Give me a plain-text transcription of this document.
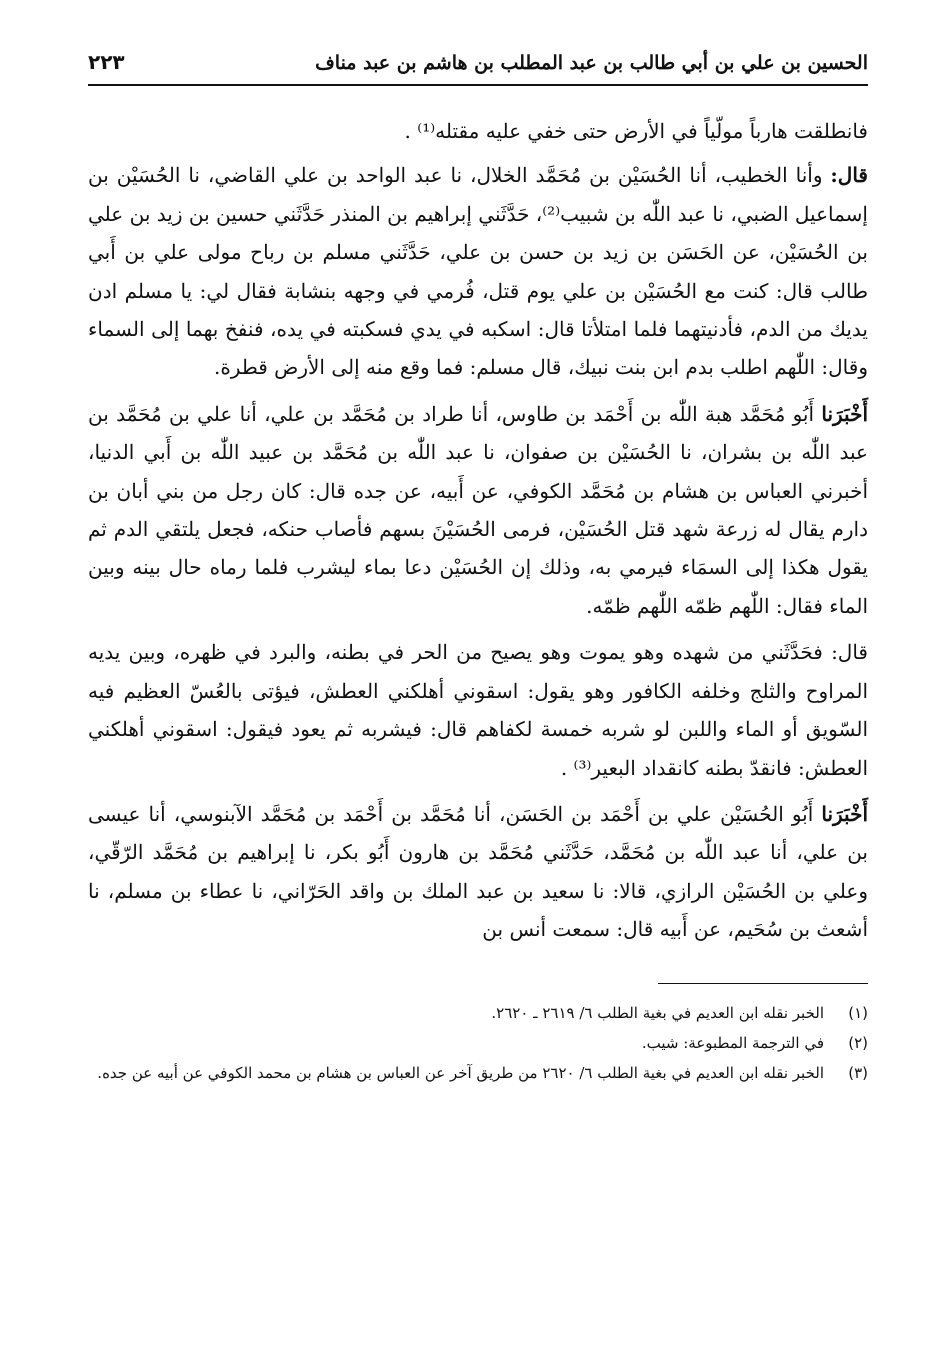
الحسين بن علي بن أبي طالب بن عبد المطلب بن هاشم بن عبد مناف
٢٢٣

فانطلقت هارباً مولّياً في الأرض حتى خفي عليه مقتله⁽¹⁾ .

قال: وأنا الخطيب، أنا الحُسَيْن بن مُحَمَّد الخلال، نا عبد الواحد بن علي القاضي، نا الحُسَيْن بن إسماعيل الضبي، نا عبد اللّٰه بن شبيب⁽²⁾، حَدَّثَني إبراهيم بن المنذر حَدَّثَني حسين بن زيد بن علي بن الحُسَيْن، عن الحَسَن بن زيد بن حسن بن علي، حَدَّثَني مسلم بن رباح مولى علي بن أَبي طالب قال: كنت مع الحُسَيْن بن علي يوم قتل، فُرمي في وجهه بنشابة فقال لي: يا مسلم ادن يديك من الدم، فأدنيتهما فلما امتلأتا قال: اسكبه في يدي فسكبته في يده، فنفخ بهما إلى السماء وقال: اللّٰهم اطلب بدم ابن بنت نبيك، قال مسلم: فما وقع منه إلى الأرض قطرة.

أَخْبَرَنا أَبُو مُحَمَّد هبة اللّٰه بن أَحْمَد بن طاوس، أنا طراد بن مُحَمَّد بن علي، أنا علي بن مُحَمَّد بن عبد اللّٰه بن بشران، نا الحُسَيْن بن صفوان، نا عبد اللّٰه بن مُحَمَّد بن عبيد اللّٰه بن أَبي الدنيا، أخبرني العباس بن هشام بن مُحَمَّد الكوفي، عن أَبيه، عن جده قال: كان رجل من بني أبان بن دارم يقال له زرعة شهد قتل الحُسَيْن، فرمى الحُسَيْنَ بسهم فأصاب حنكه، فجعل يلتقي الدم ثم يقول هكذا إلى السمَاء فيرمي به، وذلك إن الحُسَيْن دعا بماء ليشرب فلما رماه حال بينه وبين الماء فقال: اللّٰهم ظمّه اللّٰهم ظمّه.

قال: فحَدَّثَني من شهده وهو يموت وهو يصيح من الحر في بطنه، والبرد في ظهره، وبين يديه المراوح والثلج وخلفه الكافور وهو يقول: اسقوني أهلكني العطش، فيؤتى بالعُسّ العظيم فيه السّويق أو الماء واللبن لو شربه خمسة لكفاهم قال: فيشربه ثم يعود فيقول: اسقوني أهلكني العطش: فانقدّ بطنه كانقداد البعير⁽³⁾ .

أَخْبَرَنا أَبُو الحُسَيْن علي بن أَحْمَد بن الحَسَن، أنا مُحَمَّد بن أَحْمَد بن مُحَمَّد الآبنوسي، أنا عيسى بن علي، أنا عبد اللّٰه بن مُحَمَّد، حَدَّثَني مُحَمَّد بن هارون أَبُو بكر، نا إبراهيم بن مُحَمَّد الرّقّي، وعلي بن الحُسَيْن الرازي، قالا: نا سعيد بن عبد الملك بن واقد الحَرّاني، نا عطاء بن مسلم، نا أشعث بن سُحَيم، عن أَبيه قال: سمعت أنس بن

(١)
الخبر نقله ابن العديم في بغية الطلب ٦/ ٢٦١٩ ـ ٢٦٢٠.
(٢)
في الترجمة المطبوعة: شيب.
(٣)
الخبر نقله ابن العديم في بغية الطلب ٦/ ٢٦٢٠ من طريق آخر عن العباس بن هشام بن محمد الكوفي عن أبيه عن جده.
